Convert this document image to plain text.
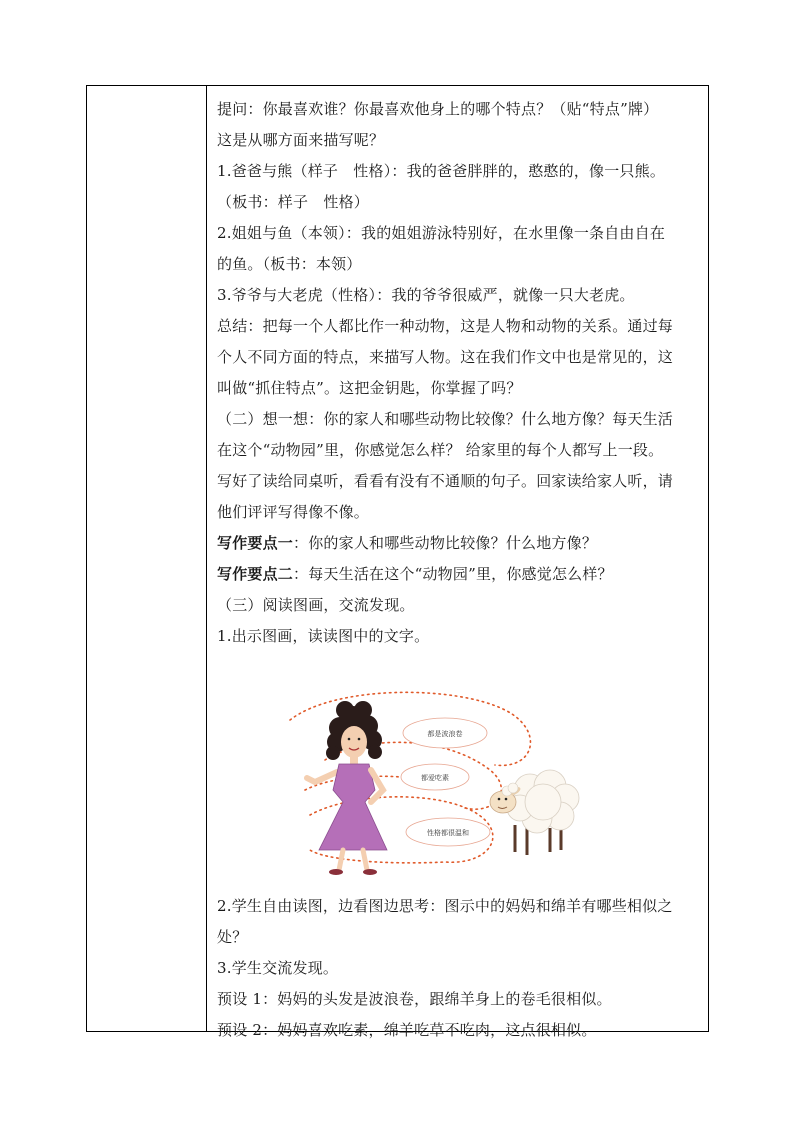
提问：你最喜欢谁？你最喜欢他身上的哪个特点？（贴“特点”牌）
这是从哪方面来描写呢？
1.爸爸与熊（样子　性格）：我的爸爸胖胖的，憨憨的，像一只熊。
（板书：样子　性格）
2.姐姐与鱼（本领）：我的姐姐游泳特别好，在水里像一条自由自在
的鱼。（板书：本领）
3.爷爷与大老虎（性格）：我的爷爷很威严，就像一只大老虎。
总结：把每一个人都比作一种动物，这是人物和动物的关系。通过每
个人不同方面的特点，来描写人物。这在我们作文中也是常见的，这
叫做“抓住特点”。这把金钥匙，你掌握了吗？
（二）想一想：你的家人和哪些动物比较像？什么地方像？每天生活
在这个“动物园”里，你感觉怎么样？ 给家里的每个人都写上一段。
写好了读给同桌听，看看有没有不通顺的句子。回家读给家人听，请
他们评评写得像不像。
写作要点一：你的家人和哪些动物比较像？什么地方像？
写作要点二：每天生活在这个“动物园”里，你感觉怎么样？
（三）阅读图画，交流发现。
1.出示图画，读读图中的文字。
2.学生自由读图，边看图边思考：图示中的妈妈和绵羊有哪些相似之
处？
3.学生交流发现。
预设 1：妈妈的头发是波浪卷，跟绵羊身上的卷毛很相似。
预设 2：妈妈喜欢吃素，绵羊吃草不吃肉，这点很相似。
都是波浪卷
都爱吃素
性格都很温和
